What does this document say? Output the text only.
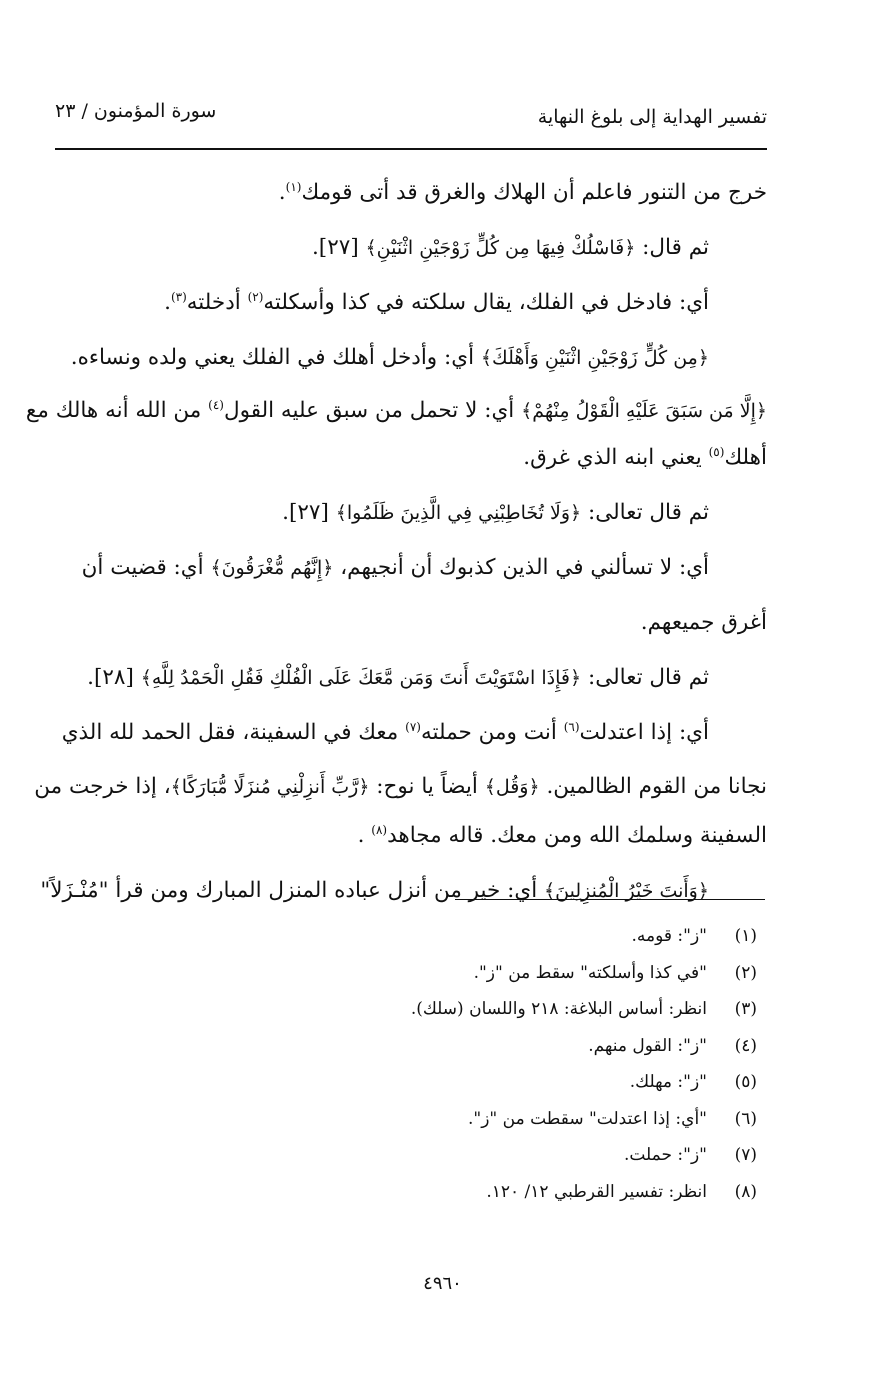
تفسير الهداية إلى بلوغ النهاية
سورة المؤمنون / ٢٣
خرج من التنور فاعلم أن الهلاك والغرق قد أتى قومك$^{(١)}$.
ثم قال: ﴿فَاسْلُكْ فِيهَا مِن كُلٍّ زَوْجَيْنِ اثْنَيْنِ﴾ [٢٧].
أي: فادخل في الفلك، يقال سلكته في كذا وأسكلته$^{(٢)}$ أدخلته$^{(٣)}$.
﴿مِن كُلٍّ زَوْجَيْنِ اثْنَيْنِ وَأَهْلَكَ﴾ أي: وأدخل أهلك في الفلك يعني ولده ونساءه.
﴿إِلَّا مَن سَبَقَ عَلَيْهِ الْقَوْلُ مِنْهُمْ﴾ أي: لا تحمل من سبق عليه القول$^{(٤)}$ من الله أنه هالك مع
أهلك$^{(٥)}$ يعني ابنه الذي غرق.
ثم قال تعالى: ﴿وَلَا تُخَاطِبْنِي فِي الَّذِينَ ظَلَمُوا﴾ [٢٧].
أي: لا تسألني في الذين كذبوك أن أنجيهم، ﴿إِنَّهُم مُّغْرَقُونَ﴾ أي: قضيت أن
أغرق جميعهم.
ثم قال تعالى: ﴿فَإِذَا اسْتَوَيْتَ أَنتَ وَمَن مَّعَكَ عَلَى الْفُلْكِ فَقُلِ الْحَمْدُ لِلَّهِ﴾ [٢٨].
أي: إذا اعتدلت$^{(٦)}$ أنت ومن حملته$^{(٧)}$ معك في السفينة، فقل الحمد لله الذي
نجانا من القوم الظالمين. ﴿وَقُل﴾ أيضاً يا نوح: ﴿رَّبِّ أَنزِلْنِي مُنزَلًا مُّبَارَكًا﴾، إذا خرجت من
السفينة وسلمك الله ومن معك. قاله مجاهد$^{(٨)}$ .
﴿وَأَنتَ خَيْرُ الْمُنزِلِينَ﴾ أي: خير من أنزل عباده المنزل المبارك ومن قرأ "مُنْـزَلاً"
(١)"ز": قومه.
(٢)"في كذا وأسلكته" سقط من "ز".
(٣)انظر: أساس البلاغة: ٢١٨ واللسان (سلك).
(٤)"ز": القول منهم.
(٥)"ز": مهلك.
(٦)"أي: إذا اعتدلت" سقطت من "ز".
(٧)"ز": حملت.
(٨)انظر: تفسير القرطبي ١٢/ ١٢٠.
٤٩٦٠
